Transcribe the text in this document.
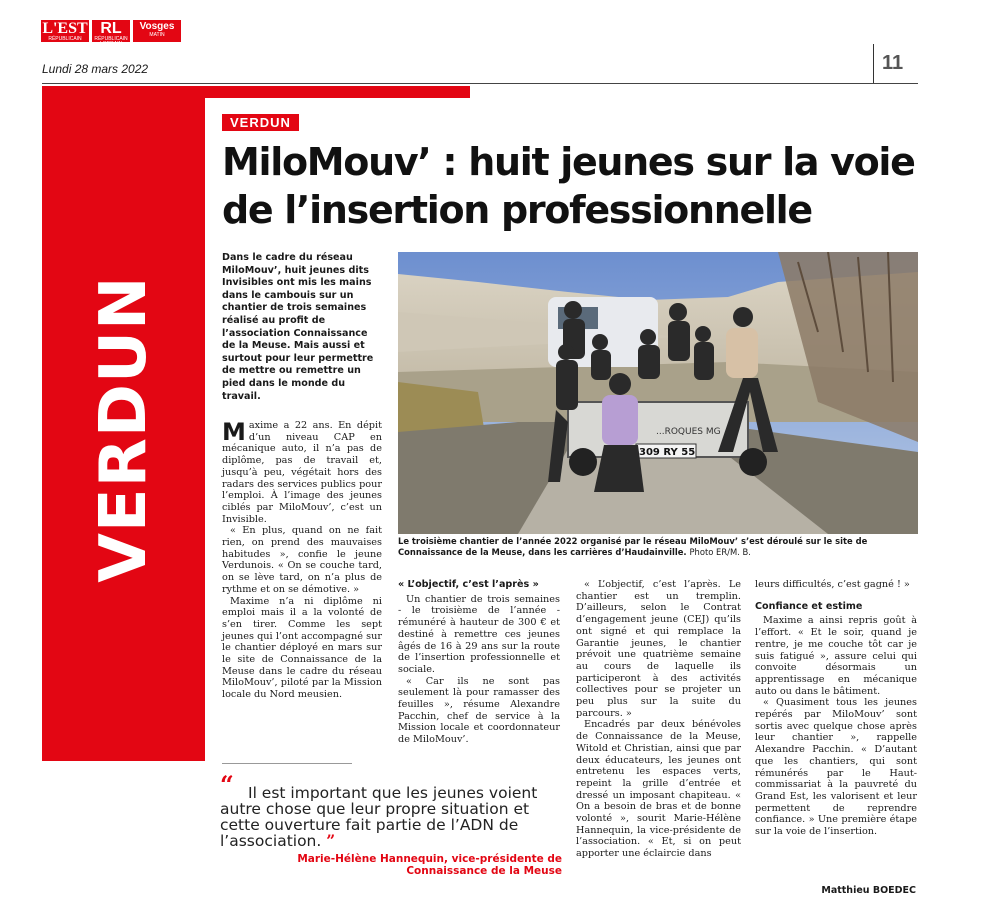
L'EST
RÉPUBLICAIN
RL
RÉPUBLICAIN LORRAIN
Vosges
MATIN
Lundi 28 mars 2022	11
VERDUN
VERDUN
MiloMouv’ : huit jeunes sur la voie
de l’insertion professionnelle
Dans le cadre du réseau MiloMouv’, huit jeunes dits Invisibles ont mis les mains dans le cambouis sur un chantier de trois semaines réalisé au profit de l’association Connaissance de la Meuse. Mais aussi et surtout pour leur permettre de mettre ou remettre un pied dans le monde du travail.

Maxime a 22 ans. En dépit d’un niveau CAP en mécanique auto, il n’a pas de diplôme, pas de travail et, jusqu’à peu, végétait hors des radars des services publics pour l’emploi. À l’image des jeunes ciblés par MiloMouv’, c’est un Invisible.

« En plus, quand on ne fait rien, on prend des mauvaises habitudes », confie le jeune Verdunois. « On se couche tard, on se lève tard, on n’a plus de rythme et on se démotive. »

Maxime n’a ni diplôme ni emploi mais il a la volonté de s’en tirer. Comme les sept jeunes qui l’ont accompagné sur le chantier déployé en mars sur le site de Connaissance de la Meuse dans le cadre du réseau MiloMouv’, piloté par la Mission locale du Nord meusien.

...ROQUES MG
309 RY 55
Le troisième chantier de l’année 2022 organisé par le réseau MiloMouv’ s’est déroulé sur le site de Connaissance de la Meuse, dans les carrières d’Haudainville. Photo ER/M. B.

« L’objectif, c’est l’après »

Un chantier de trois semaines - le troisième de l’année - rémunéré à hauteur de 300 € et destiné à remettre ces jeunes âgés de 16 à 29 ans sur la route de l’insertion professionnelle et sociale.

« Car ils ne sont pas seulement là pour ramasser des feuilles », résume Alexandre Pacchin, chef de service à la Mission locale et coordonnateur de MiloMouv’.

« L’objectif, c’est l’après. Le chantier est un tremplin. D’ailleurs, selon le Contrat d’engagement jeune (CEJ) qu’ils ont signé et qui remplace la Garantie jeunes, le chantier prévoit une quatrième semaine au cours de laquelle ils participeront à des activités collectives pour se projeter un peu plus sur la suite du parcours. »

Encadrés par deux bénévoles de Connaissance de la Meuse, Witold et Christian, ainsi que par deux éducateurs, les jeunes ont entretenu les espaces verts, repeint la grille d’entrée et dressé un imposant chapiteau. « On a besoin de bras et de bonne volonté », sourit Marie-Hélène Hannequin, la vice-présidente de l’association. « Et, si on peut apporter une éclaircie dans

leurs difficultés, c’est gagné ! »

Confiance et estime

Maxime a ainsi repris goût à l’effort. « Et le soir, quand je rentre, je me couche tôt car je suis fatigué », assure celui qui convoite désormais un apprentissage en mécanique auto ou dans le bâtiment.

« Quasiment tous les jeunes repérés par MiloMouv’ sont sortis avec quelque chose après leur chantier », rappelle Alexandre Pacchin. « D’autant que les chantiers, qui sont rémunérés par le Haut-commissariat à la pauvreté du Grand Est, les valorisent et leur permettent de reprendre confiance. » Une première étape sur la voie de l’insertion.

Matthieu BOEDEC
“ Il est important que les jeunes voient autre chose que leur propre situation et cette ouverture fait partie de l’ADN de l’association. ”
Marie-Hélène Hannequin, vice-présidente de Connaissance de la Meuse
